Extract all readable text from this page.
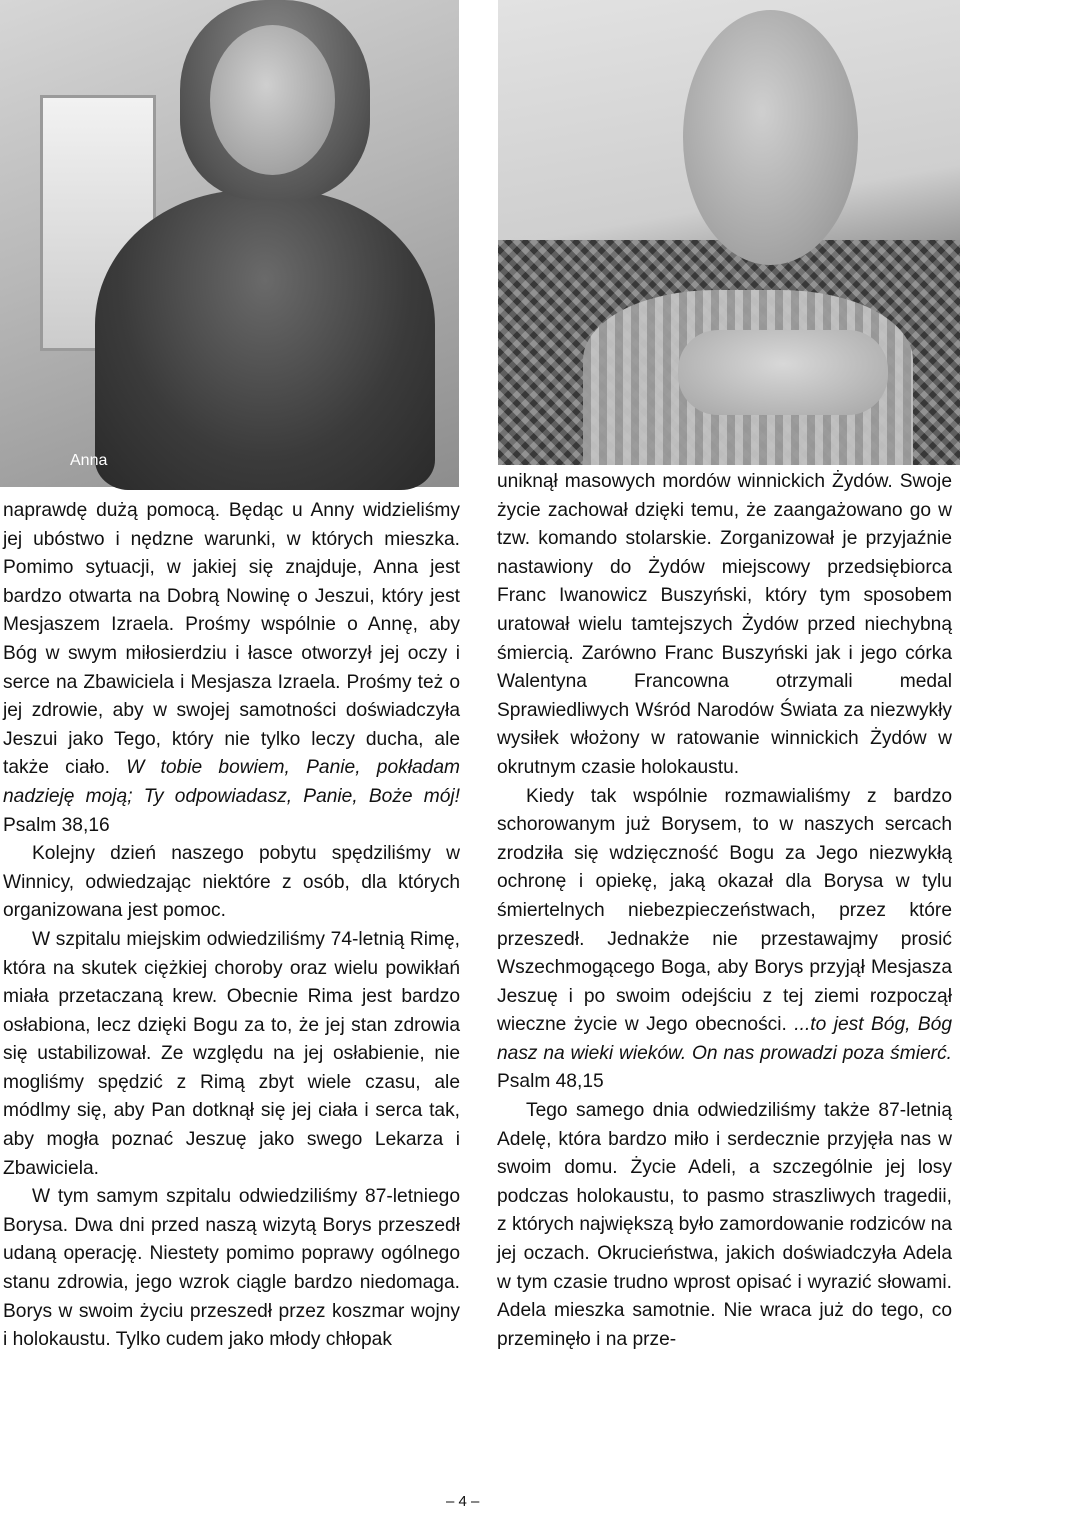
Anna
Borys

naprawdę dużą pomocą. Będąc u Anny widzieliśmy jej ubóstwo i nędzne warunki, w których mieszka. Pomimo sytuacji, w jakiej się znajduje, Anna jest bardzo otwarta na Dobrą Nowinę o Jeszui, który jest Mesjaszem Izraela. Prośmy wspólnie o Annę, aby Bóg w swym miłosierdziu i łasce otworzył jej oczy i serce na Zbawiciela i Mesjasza Izraela. Prośmy też o jej zdrowie, aby w swojej samotności doświadczyła Jeszui jako Tego, który nie tylko leczy ducha, ale także ciało. W tobie bowiem, Panie, pokładam nadzieję moją; Ty odpowiadasz, Panie, Boże mój! Psalm 38,16

Kolejny dzień naszego pobytu spędziliśmy w Winnicy, odwiedzając niektóre z osób, dla których organizowana jest pomoc.

W szpitalu miejskim odwiedziliśmy 74-letnią Rimę, która na skutek ciężkiej choroby oraz wielu powikłań miała przetaczaną krew. Obecnie Rima jest bardzo osłabiona, lecz dzięki Bogu za to, że jej stan zdrowia się ustabilizował. Ze względu na jej osłabienie, nie mogliśmy spędzić z Rimą zbyt wiele czasu, ale módlmy się, aby Pan dotknął się jej ciała i serca tak, aby mogła poznać Jeszuę jako swego Lekarza i Zbawiciela.

W tym samym szpitalu odwiedziliśmy 87-letniego Borysa. Dwa dni przed naszą wizytą Borys przeszedł udaną operację. Niestety pomimo poprawy ogólnego stanu zdrowia, jego wzrok ciągle bardzo niedomaga. Borys w swoim życiu przeszedł przez koszmar wojny i holokaustu. Tylko cudem jako młody chłopak

uniknął masowych mordów winnickich Żydów. Swoje życie zachował dzięki temu, że zaangażowano go w tzw. komando stolarskie. Zorganizował je przyjaźnie nastawiony do Żydów miejscowy przedsiębiorca Franc Iwanowicz Buszyński, który tym sposobem uratował wielu tamtejszych Żydów przed niechybną śmiercią. Zarówno Franc Buszyński jak i jego córka Walentyna Francowna otrzymali medal Sprawiedliwych Wśród Narodów Świata za niezwykły wysiłek włożony w ratowanie winnickich Żydów w okrutnym czasie holokaustu.

Kiedy tak wspólnie rozmawialiśmy z bardzo schorowanym już Borysem, to w naszych sercach zrodziła się wdzięczność Bogu za Jego niezwykłą ochronę i opiekę, jaką okazał dla Borysa w tylu śmiertelnych niebezpieczeństwach, przez które przeszedł. Jednakże nie przestawajmy prosić Wszechmogącego Boga, aby Borys przyjął Mesjasza Jeszuę i po swoim odejściu z tej ziemi rozpoczął wieczne życie w Jego obecności. ...to jest Bóg, Bóg nasz na wieki wieków. On nas prowadzi poza śmierć. Psalm 48,15

Tego samego dnia odwiedziliśmy także 87-letnią Adelę, która bardzo miło i serdecznie przyjęła nas w swoim domu. Życie Adeli, a szczególnie jej losy podczas holokaustu, to pasmo straszliwych tragedii, z których największą było zamordowanie rodziców na jej oczach. Okrucieństwa, jakich doświadczyła Adela w tym czasie trudno wprost opisać i wyrazić słowami. Adela mieszka samotnie. Nie wraca już do tego, co przeminęło i na prze-

– 4 –
